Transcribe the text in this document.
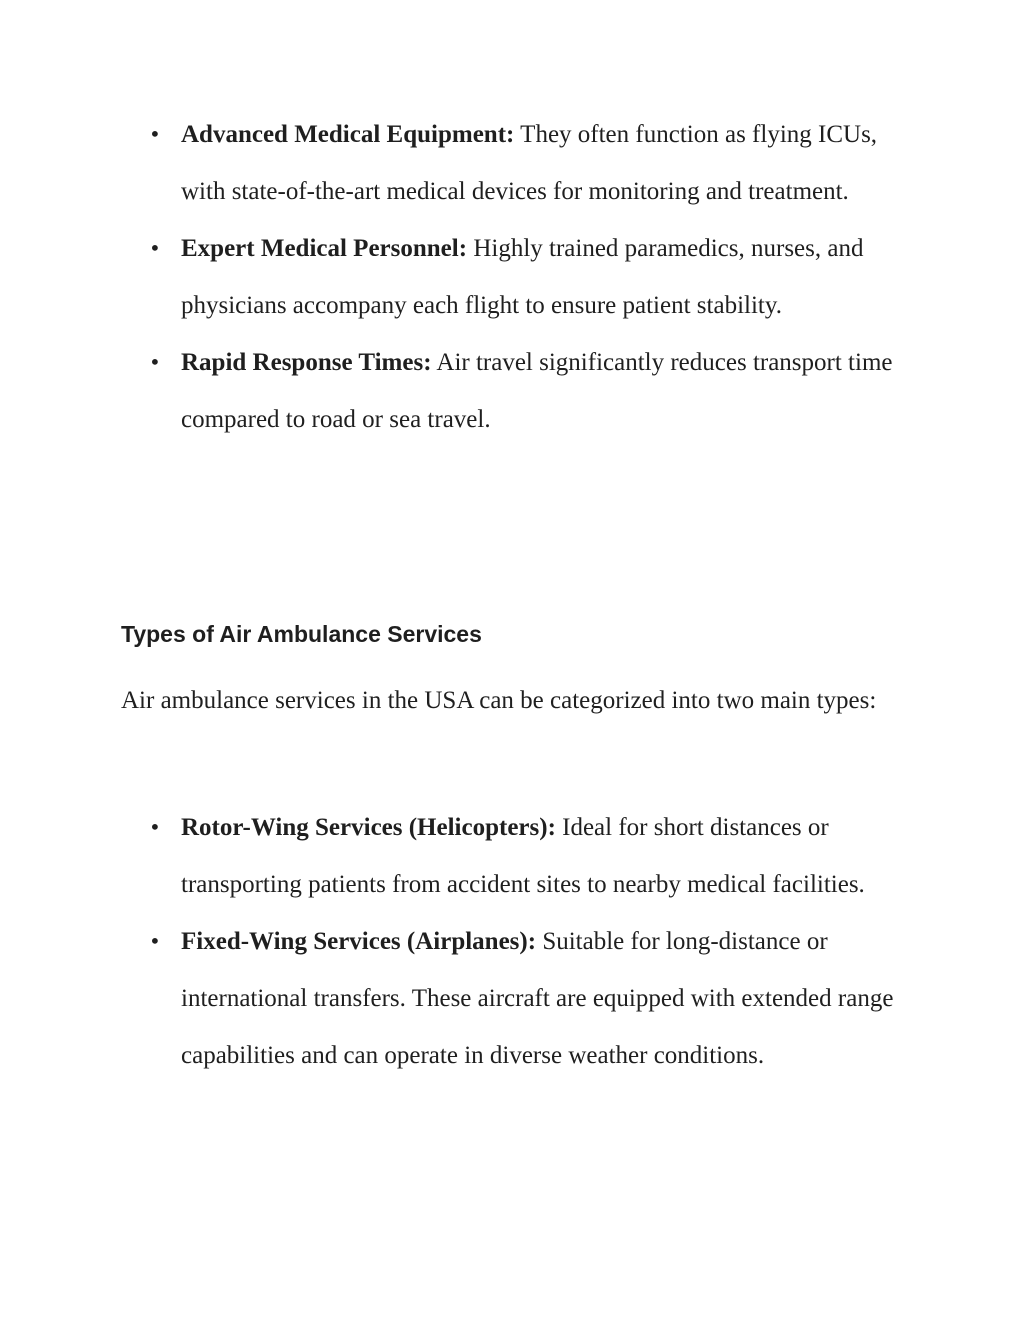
• Advanced Medical Equipment: They often function as flying ICUs, with state-of-the-art medical devices for monitoring and treatment.
• Expert Medical Personnel: Highly trained paramedics, nurses, and physicians accompany each flight to ensure patient stability.
• Rapid Response Times: Air travel significantly reduces transport time compared to road or sea travel.
Types of Air Ambulance Services

Air ambulance services in the USA can be categorized into two main types:

• Rotor-Wing Services (Helicopters): Ideal for short distances or transporting patients from accident sites to nearby medical facilities.
• Fixed-Wing Services (Airplanes): Suitable for long-distance or international transfers. These aircraft are equipped with extended range capabilities and can operate in diverse weather conditions.
